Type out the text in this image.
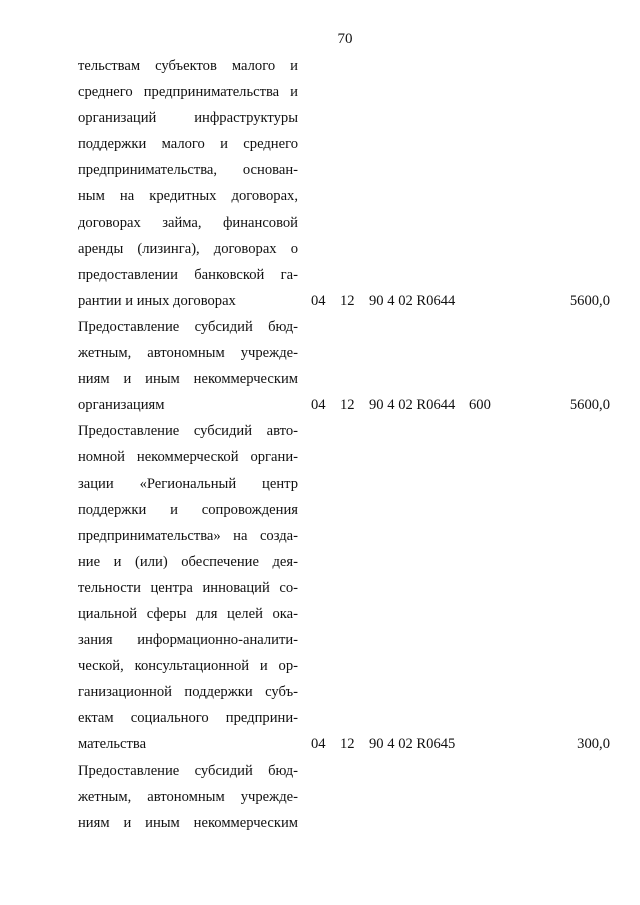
70
тельствам субъектов малого и
среднего предпринимательства и
организаций инфраструктуры
поддержки малого и среднего
предпринимательства, основан-
ным на кредитных договорах,
договорах займа, финансовой
аренды (лизинга), договорах о
предоставлении банковской га-
рантии и иных договорах	04 12 90 4 02 R0644	5600,0
Предоставление субсидий бюд-
жетным, автономным учрежде-
ниям и иным некоммерческим
организациям	04 12 90 4 02 R0644 600	5600,0
Предоставление субсидий авто-
номной некоммерческой органи-
зации «Региональный центр
поддержки и сопровождения
предпринимательства» на созда-
ние и (или) обеспечение дея-
тельности центра инноваций со-
циальной сферы для целей ока-
зания информационно-аналити-
ческой, консультационной и ор-
ганизационной поддержки субъ-
ектам социального предприни-
мательства	04 12 90 4 02 R0645	300,0
Предоставление субсидий бюд-
жетным, автономным учрежде-
ниям и иным некоммерческим
